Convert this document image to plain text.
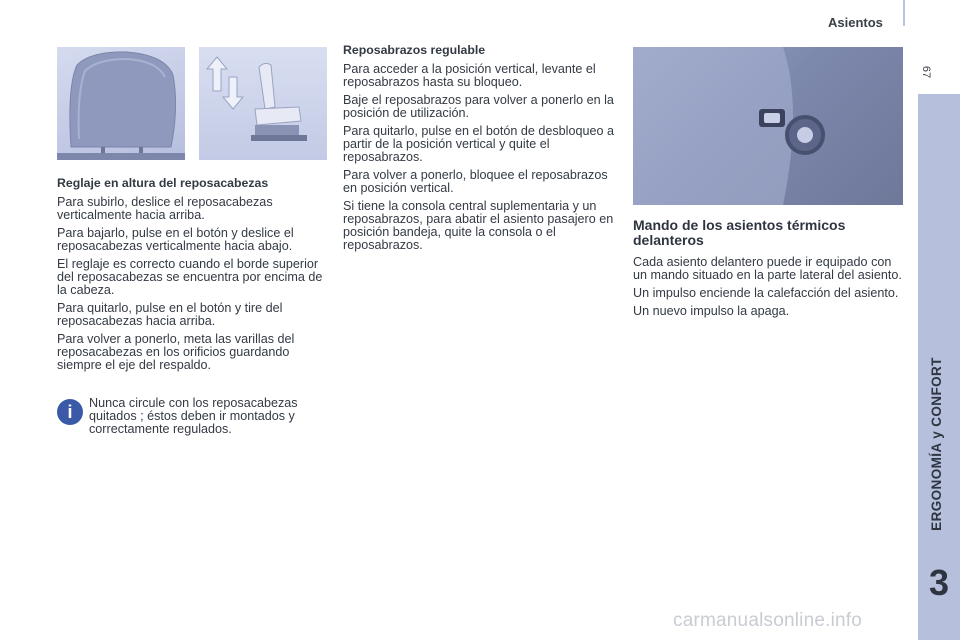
Asientos
67
ERGONOMÍA y CONFORT
3
Reglaje en altura del reposacabezas

Para subirlo, deslice el reposacabezas verticalmente hacia arriba.

Para bajarlo, pulse en el botón y deslice el reposacabezas verticalmente hacia abajo.

El reglaje es correcto cuando el borde superior del reposacabezas se encuentra por encima de la cabeza.

Para quitarlo, pulse en el botón y tire del reposacabezas hacia arriba.

Para volver a ponerlo, meta las varillas del reposacabezas en los orificios guardando siempre el eje del respaldo.

i	Nunca circule con los reposacabezas quitados ; éstos deben ir montados y correctamente regulados.
Reposabrazos regulable

Para acceder a la posición vertical, levante el reposabrazos hasta su bloqueo.

Baje el reposabrazos para volver a ponerlo en la posición de utilización.

Para quitarlo, pulse en el botón de desbloqueo a partir de la posición vertical y quite el reposabrazos.

Para volver a ponerlo, bloquee el reposabrazos en posición vertical.

Si tiene la consola central suplementaria y un reposabrazos, para abatir el asiento pasajero en posición bandeja, quite la consola o el reposabrazos.

Mando de los asientos térmicos delanteros

Cada asiento delantero puede ir equipado con un mando situado en la parte lateral del asiento.

Un impulso enciende la calefacción del asiento.

Un nuevo impulso la apaga.

carmanualsonline.info
